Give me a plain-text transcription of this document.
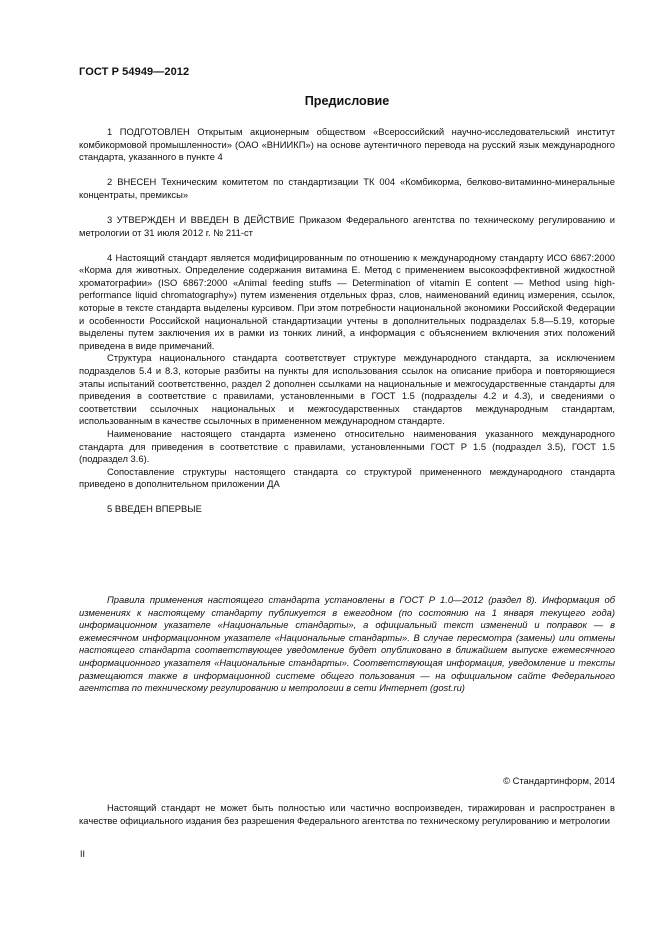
ГОСТ Р 54949—2012
Предисловие

1 ПОДГОТОВЛЕН Открытым акционерным обществом «Всероссийский научно-исследовательский институт комбикормовой промышленности» (ОАО «ВНИИКП») на основе аутентичного перевода на русский язык международного стандарта, указанного в пункте 4

2 ВНЕСЕН Техническим комитетом по стандартизации ТК 004 «Комбикорма, белково-витаминно-минеральные концентраты, премиксы»

3 УТВЕРЖДЕН И ВВЕДЕН В ДЕЙСТВИЕ Приказом Федерального агентства по техническому регулированию и метрологии от 31 июля 2012 г. № 211-ст

4 Настоящий стандарт является модифицированным по отношению к международному стандарту ИСО 6867:2000 «Корма для животных. Определение содержания витамина Е. Метод с применением высокоэффективной жидкостной хроматографии» (ISO 6867:2000 «Animal feeding stuffs — Determination of vitamin E content — Method using high-performance liquid chromatography») путем изменения отдельных фраз, слов, наименований единиц измерения, ссылок, которые в тексте стандарта выделены курсивом. При этом потребности национальной экономики Российской Федерации и особенности Российской национальной стандартизации учтены в дополнительных подразделах 5.8—5.19, которые выделены путем заключения их в рамки из тонких линий, а информация с объяснением включения этих положений приведена в виде примечаний.

Структура национального стандарта соответствует структуре международного стандарта, за исключением подразделов 5.4 и 8.3, которые разбиты на пункты для использования ссылок на описание прибора и повторяющиеся этапы испытаний соответственно, раздел 2 дополнен ссылками на национальные и межгосударственные стандарты для приведения в соответствие с правилами, установленными в ГОСТ 1.5 (подразделы 4.2 и 4.3), и сведениями о соответствии ссылочных национальных и межгосударственных стандартов международным стандартам, использованным в качестве ссылочных в примененном международном стандарте.

Наименование настоящего стандарта изменено относительно наименования указанного международного стандарта для приведения в соответствие с правилами, установленными ГОСТ Р 1.5 (подраздел 3.5), ГОСТ 1.5 (подраздел 3.6).

Сопоставление структуры настоящего стандарта со структурой примененного международного стандарта приведено в дополнительном приложении ДА

5 ВВЕДЕН ВПЕРВЫЕ

Правила применения настоящего стандарта установлены в ГОСТ Р 1.0—2012 (раздел 8). Информация об изменениях к настоящему стандарту публикуется в ежегодном (по состоянию на 1 января текущего года) информационном указателе «Национальные стандарты», а официальный текст изменений и поправок — в ежемесячном информационном указателе «Национальные стандарты». В случае пересмотра (замены) или отмены настоящего стандарта соответствующее уведомление будет опубликовано в ближайшем выпуске ежемесячного информационного указателя «Национальные стандарты». Соответствующая информация, уведомление и тексты размещаются также в информационной системе общего пользования — на официальном сайте Федерального агентства по техническому регулированию и метрологии в сети Интернет (gost.ru)

© Стандартинформ, 2014

Настоящий стандарт не может быть полностью или частично воспроизведен, тиражирован и распространен в качестве официального издания без разрешения Федерального агентства по техническому регулированию и метрологии

II
